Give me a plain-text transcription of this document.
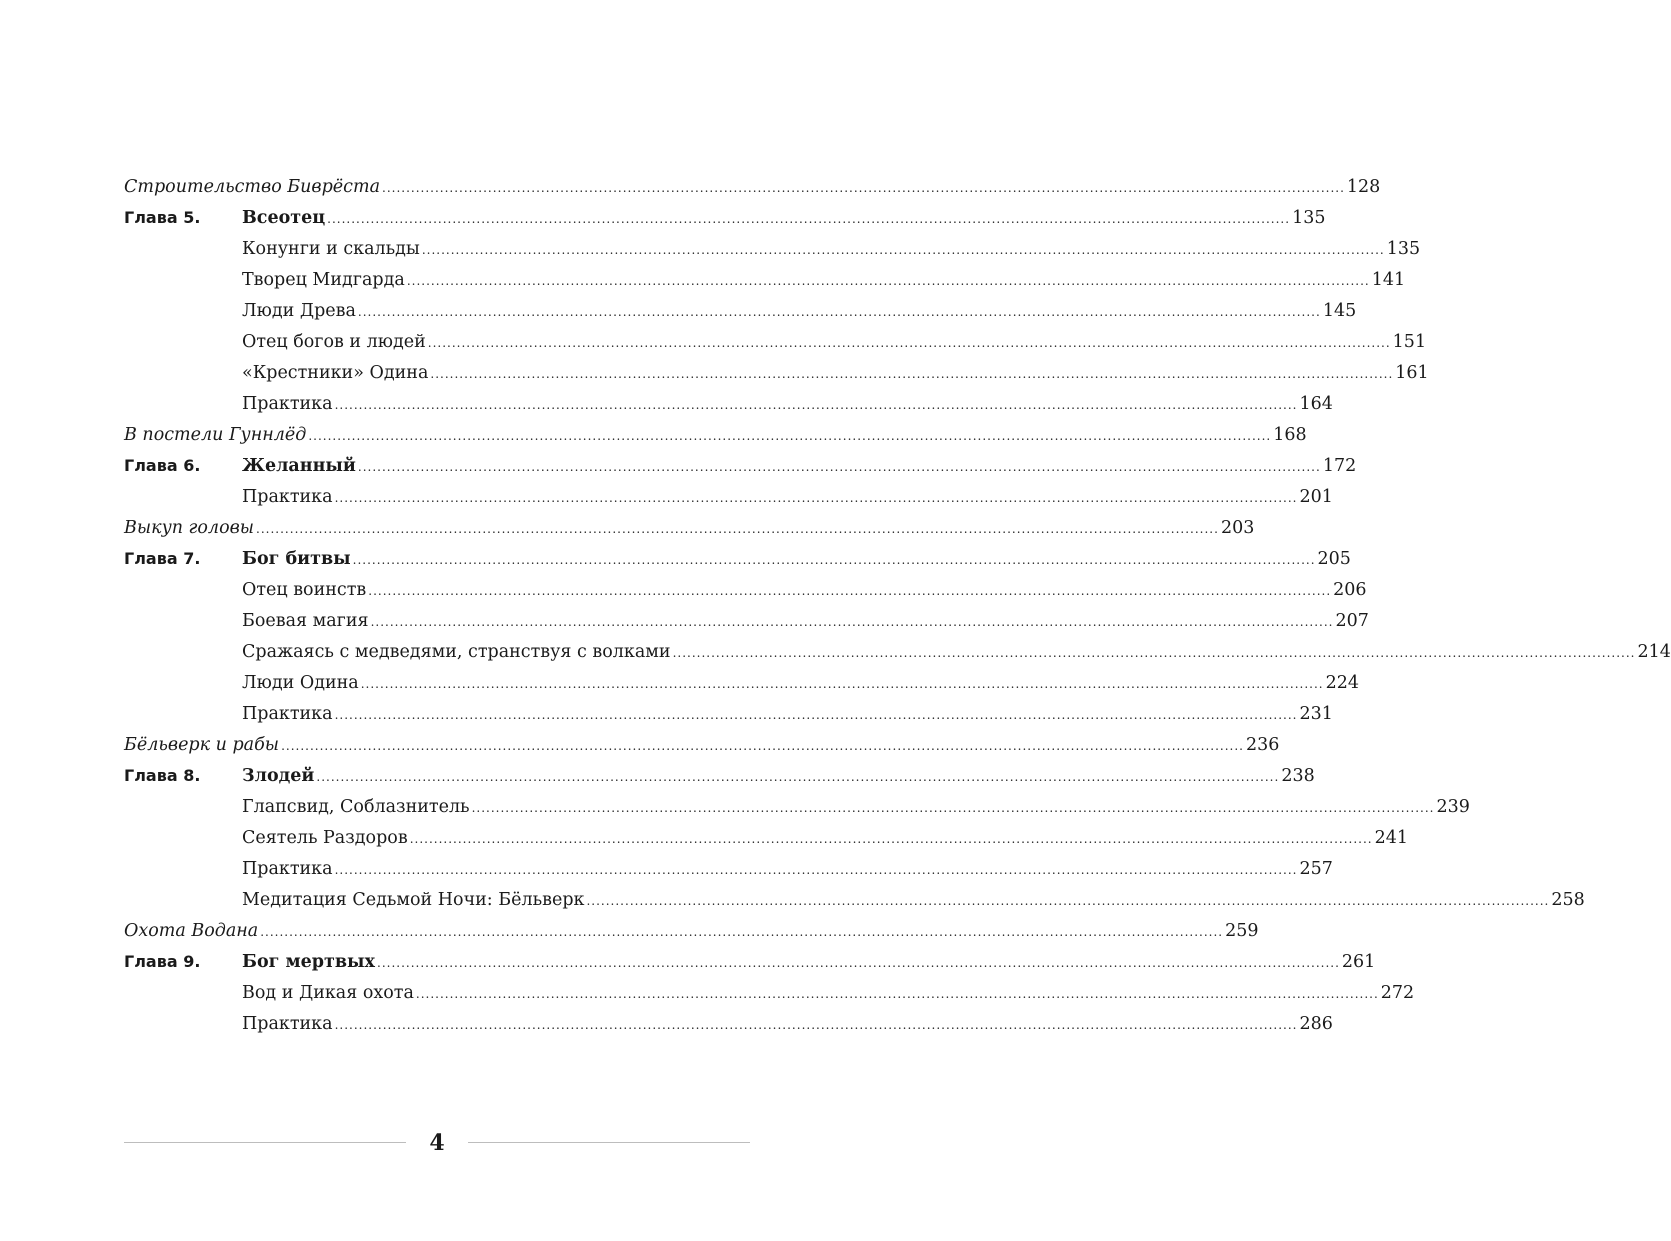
Строительство Биврёста ........................................................................................................................................................................................................ 128
Глава 5.	Всеотец ........................................................................................................................................................................................................ 135
Конунги и скальды ........................................................................................................................................................................................................ 135
Творец Мидгарда ........................................................................................................................................................................................................ 141
Люди Древа ........................................................................................................................................................................................................ 145
Отец богов и людей ........................................................................................................................................................................................................ 151
«Крестники» Одина ........................................................................................................................................................................................................ 161
Практика ........................................................................................................................................................................................................ 164
В постели Гуннлёд ........................................................................................................................................................................................................ 168
Глава 6.	Желанный ........................................................................................................................................................................................................ 172
Практика ........................................................................................................................................................................................................ 201
Выкуп головы ........................................................................................................................................................................................................ 203
Глава 7.	Бог битвы ........................................................................................................................................................................................................ 205
Отец воинств ........................................................................................................................................................................................................ 206
Боевая магия ........................................................................................................................................................................................................ 207
Сражаясь с медведями, странствуя с волками ........................................................................................................................................................................................................ 214
Люди Одина ........................................................................................................................................................................................................ 224
Практика ........................................................................................................................................................................................................ 231
Бёльверк и рабы ........................................................................................................................................................................................................ 236
Глава 8.	Злодей ........................................................................................................................................................................................................ 238
Глапсвид, Соблазнитель ........................................................................................................................................................................................................ 239
Сеятель Раздоров ........................................................................................................................................................................................................ 241
Практика ........................................................................................................................................................................................................ 257
Медитация Седьмой Ночи: Бёльверк ........................................................................................................................................................................................................ 258
Охота Водана ........................................................................................................................................................................................................ 259
Глава 9.	Бог мертвых ........................................................................................................................................................................................................ 261
Вод и Дикая охота ........................................................................................................................................................................................................ 272
Практика ........................................................................................................................................................................................................ 286
4
